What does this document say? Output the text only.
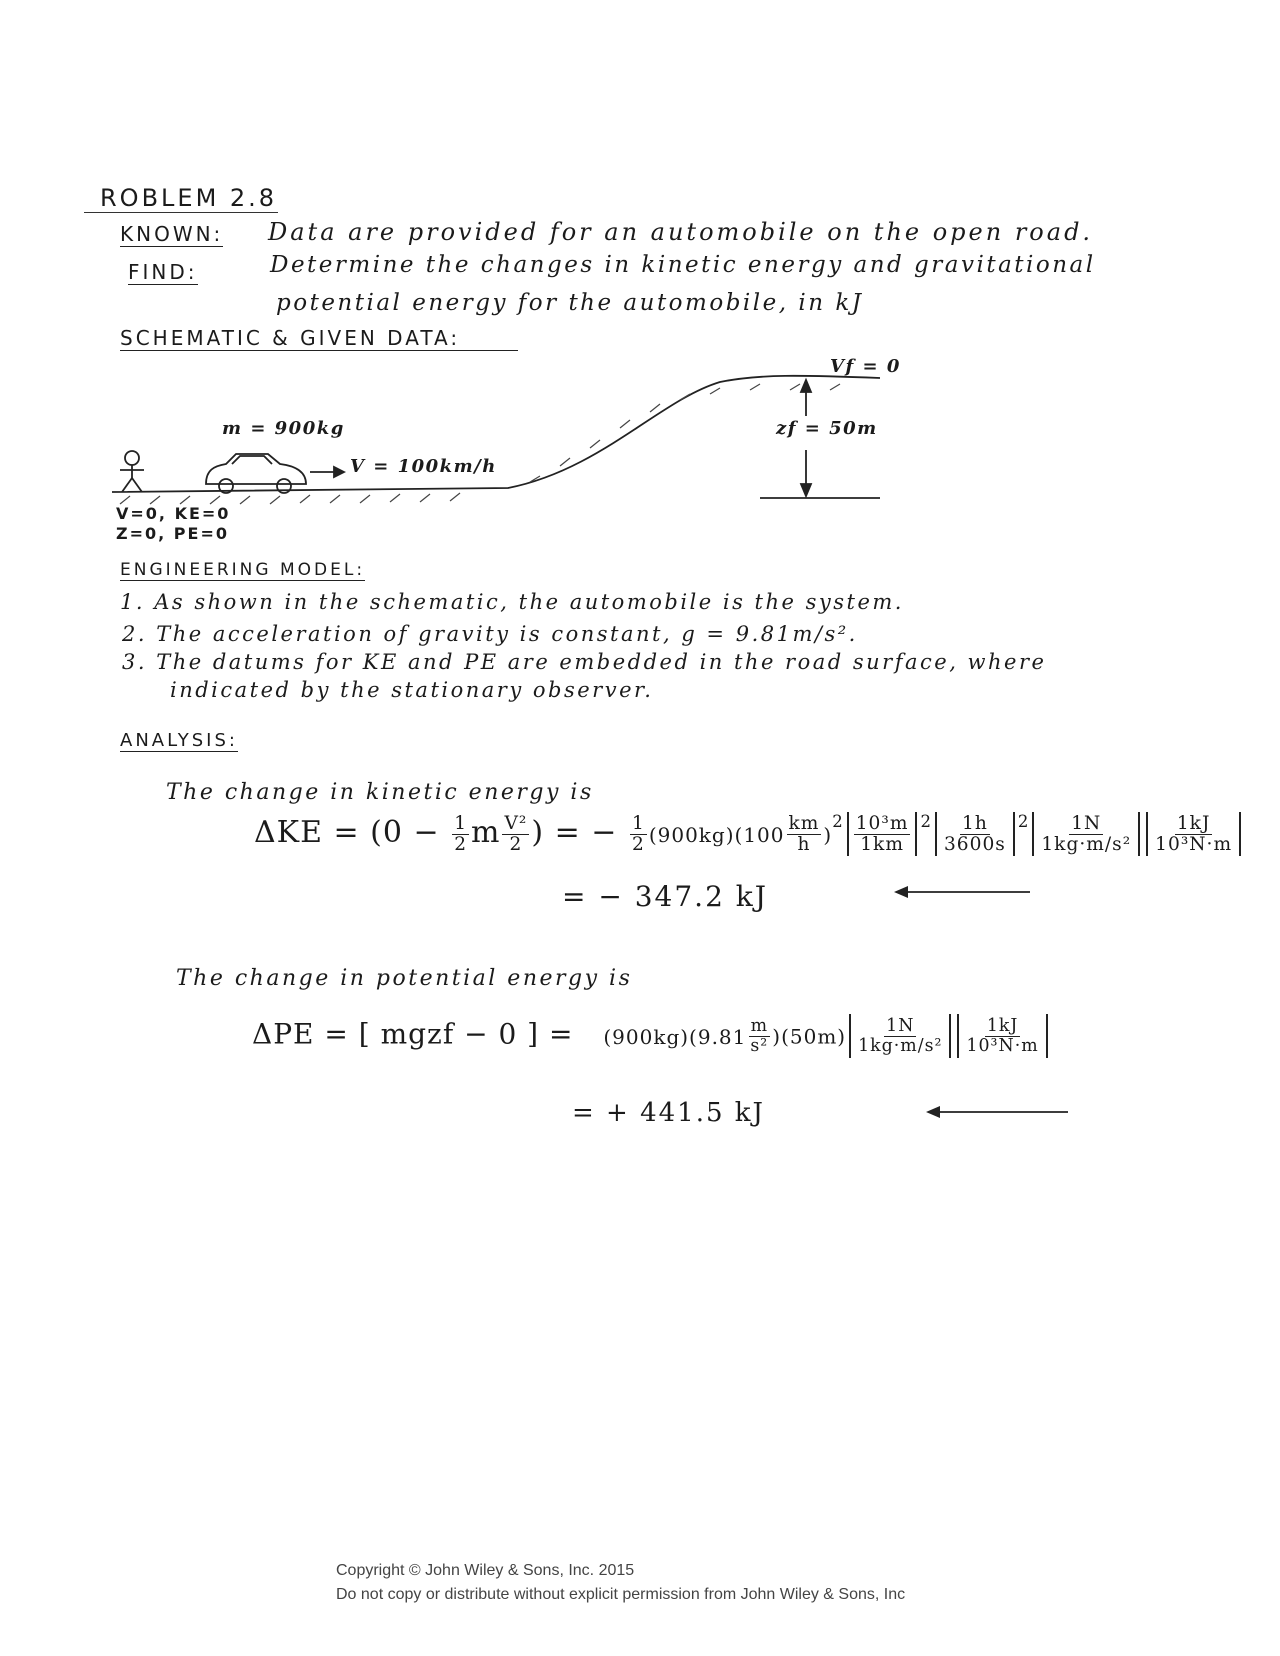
ROBLEM 2.8
KNOWN: Data are provided for an automobile on the open road.
FIND:	Determine the changes in kinetic energy and gravitational
potential energy for the automobile, in kJ
SCHEMATIC & GIVEN DATA:
m = 900kg
V = 100km/h
Vf = 0
zf = 50m
V=0, KE=0
Z=0, PE=0
ENGINEERING MODEL:
1. As shown in the schematic, the automobile is the system.
2. The acceleration of gravity is constant, g = 9.81m/s².
3. The datums for KE and PE are embedded in the road surface, where
indicated by the stationary observer.
ANALYSIS:
The change in kinetic energy is
$\Delta KE = (0 - \frac{1}{2}$ m $\frac{\text{V²}}{2}$ ) = − $\frac{1}{2} (900kg)(100 \frac{km}{h} )^2 \frac{\text{10³m}}{1km} ^2 \frac{1h}{3600s} ^2 \frac{1N}{\text{1kg·m/s²}} \frac{1kJ}{\text{10³N·m}}$
= − 347.2 kJ
The change in potential energy is
ΔPE = [ mgzf − 0 ] = $(900kg)(9.81 \frac{m}{\text{s²}} )(50m) \frac{1N}{\text{1kg·m/s²}} \frac{1kJ}{\text{10³N·m}}$
= + 441.5 kJ
Copyright © John Wiley & Sons, Inc. 2015
Do not copy or distribute without explicit permission from John Wiley & Sons, Inc
